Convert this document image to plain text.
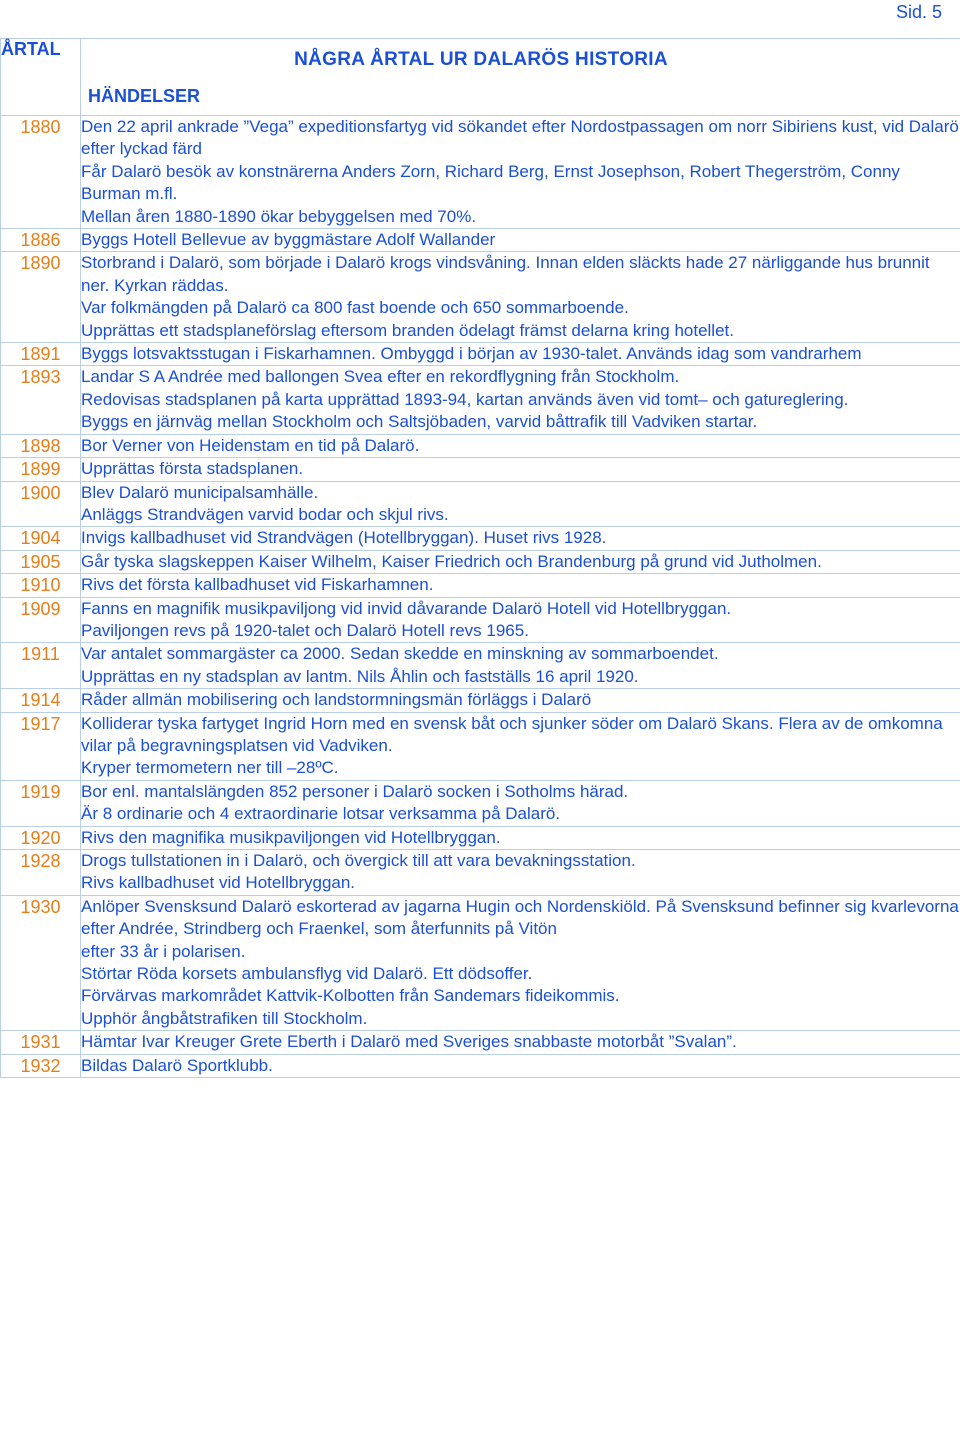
Sid. 5
ÅRTAL	NÅGRA ÅRTAL UR DALARÖS HISTORIA
HÄNDELSER

1880	Den 22 april ankrade ”Vega” expeditionsfartyg vid sökandet efter Nordostpassagen om norr Sibiriens kust, vid Dalarö efter lyckad färd
Får Dalarö besök av konstnärerna Anders Zorn, Richard Berg, Ernst Josephson, Robert Thegerström, Conny Burman m.fl.
Mellan åren 1880-1890 ökar bebyggelsen med 70%.

1886	Byggs Hotell Bellevue av byggmästare Adolf Wallander

1890	Storbrand i Dalarö, som började i Dalarö krogs vindsvåning. Innan elden släckts hade 27 närliggande hus brunnit ner. Kyrkan räddas.
Var folkmängden på Dalarö ca 800 fast boende och 650 sommarboende.
Upprättas ett stadsplaneförslag eftersom branden ödelagt främst delarna kring hotellet.

1891	Byggs lotsvaktsstugan i Fiskarhamnen. Ombyggd i början av 1930-talet. Används idag som vandrarhem

1893	Landar S A Andrée med ballongen Svea efter en rekordflygning från Stockholm.
Redovisas stadsplanen på karta upprättad 1893-94, kartan används även vid tomt– och gatureglering.
Byggs en järnväg mellan Stockholm och Saltsjöbaden, varvid båttrafik till Vadviken startar.

1898	Bor Verner von Heidenstam en tid på Dalarö.

1899	Upprättas första stadsplanen.

1900	Blev Dalarö municipalsamhälle.
Anläggs Strandvägen varvid bodar och skjul rivs.

1904	Invigs kallbadhuset vid Strandvägen (Hotellbryggan). Huset rivs 1928.

1905	Går tyska slagskeppen Kaiser Wilhelm, Kaiser Friedrich och Brandenburg på grund vid Jutholmen.

1910	Rivs det första kallbadhuset vid Fiskarhamnen.

1909	Fanns en magnifik musikpaviljong vid invid dåvarande Dalarö Hotell vid Hotellbryggan.
Paviljongen revs på 1920-talet och Dalarö Hotell revs 1965.

1911	Var antalet sommargäster ca 2000. Sedan skedde en minskning av sommarboendet.
Upprättas en ny stadsplan av lantm. Nils Åhlin och fastställs 16 april 1920.

1914	Råder allmän mobilisering och landstormningsmän förläggs i Dalarö

1917	Kolliderar tyska fartyget Ingrid Horn med en svensk båt och sjunker söder om Dalarö Skans. Flera av de omkomna vilar på begravningsplatsen vid Vadviken.
Kryper termometern ner till –28ºC.

1919	Bor enl. mantalslängden 852 personer i Dalarö socken i Sotholms härad.
Är 8 ordinarie och 4 extraordinarie lotsar verksamma på Dalarö.

1920	Rivs den magnifika musikpaviljongen vid Hotellbryggan.

1928	Drogs tullstationen in i Dalarö, och övergick till att vara bevakningsstation.
Rivs kallbadhuset vid Hotellbryggan.

1930	Anlöper Svensksund Dalarö eskorterad av jagarna Hugin och Nordenskiöld. På Svensksund befinner sig kvarlevorna efter Andrée, Strindberg och Fraenkel, som återfunnits på Vitön
efter 33 år i polarisen.
Störtar Röda korsets ambulansflyg vid Dalarö. Ett dödsoffer.
Förvärvas markområdet Kattvik-Kolbotten från Sandemars fideikommis.
Upphör ångbåtstrafiken till Stockholm.

1931	Hämtar Ivar Kreuger Grete Eberth i Dalarö med Sveriges snabbaste motorbåt ”Svalan”.

1932	Bildas Dalarö Sportklubb.
